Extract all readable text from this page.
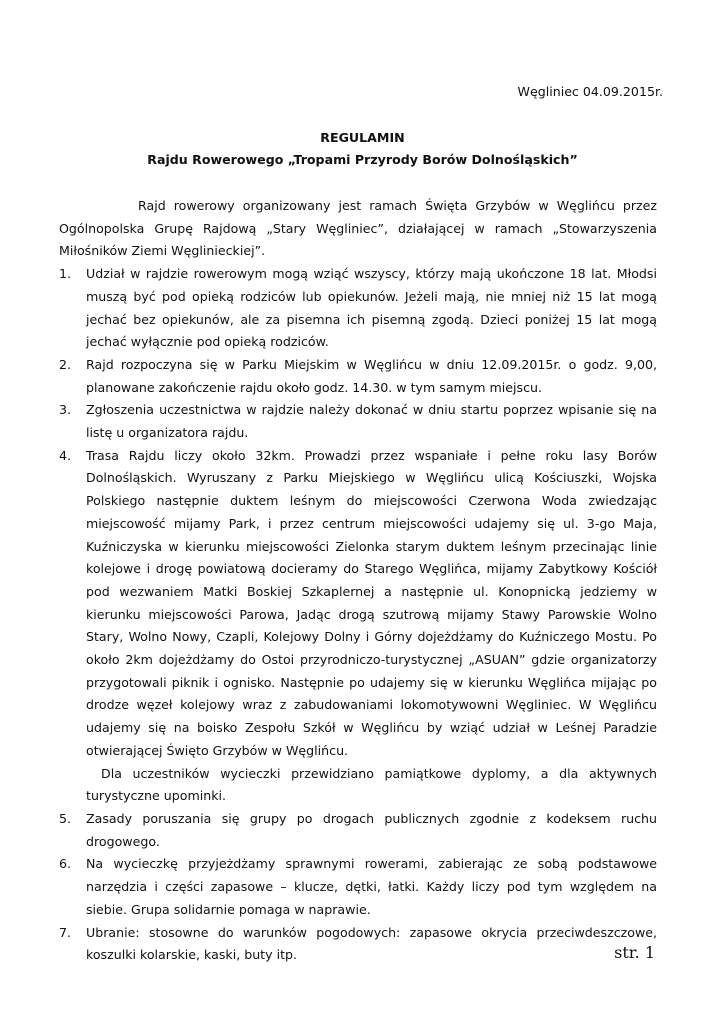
Węgliniec 04.09.2015r.
REGULAMIN
Rajdu Rowerowego „Tropami Przyrody Borów Dolnośląskich”

Rajd rowerowy organizowany jest ramach Święta Grzybów w Węglińcu przez Ogólnopolska Grupę Rajdową „Stary Węgliniec”, działającej w ramach „Stowarzyszenia Miłośników Ziemi Węglinieckiej”.

1. Udział w rajdzie rowerowym mogą wziąć wszyscy, którzy mają ukończone 18 lat. Młodsi muszą być pod opieką rodziców lub opiekunów. Jeżeli mają, nie mniej niż 15 lat mogą jechać bez opiekunów, ale za pisemna ich pisemną zgodą. Dzieci poniżej 15 lat mogą jechać wyłącznie pod opieką rodziców.
2. Rajd rozpoczyna się w Parku Miejskim w Węglińcu w dniu 12.09.2015r. o godz. 9,00, planowane zakończenie rajdu około godz. 14.30. w tym samym miejscu.
3. Zgłoszenia uczestnictwa w rajdzie należy dokonać w dniu startu poprzez wpisanie się na listę u organizatora rajdu.
4. Trasa Rajdu liczy około 32km. Prowadzi przez wspaniałe i pełne roku lasy Borów Dolnośląskich. Wyruszany z Parku Miejskiego w Węglińcu ulicą Kościuszki, Wojska Polskiego następnie duktem leśnym do miejscowości Czerwona Woda zwiedzając miejscowość mijamy Park, i przez centrum miejscowości udajemy się ul. 3-go Maja, Kuźniczyska w kierunku miejscowości Zielonka starym duktem leśnym przecinając linie kolejowe i drogę powiatową docieramy do Starego Węglińca, mijamy Zabytkowy Kościół pod wezwaniem Matki Boskiej Szkaplernej a następnie ul. Konopnicką jedziemy w kierunku miejscowości Parowa, Jadąc drogą szutrową mijamy Stawy Parowskie Wolno Stary, Wolno Nowy, Czapli, Kolejowy Dolny i Górny dojeżdżamy do Kuźniczego Mostu. Po około 2km dojeżdżamy do Ostoi przyrodniczo-turystycznej „ASUAN” gdzie organizatorzy przygotowali piknik i ognisko. Następnie po udajemy się w kierunku Węglińca mijając po drodze węzeł kolejowy wraz z zabudowaniami lokomotywowni Węgliniec. W Węglińcu udajemy się na boisko Zespołu Szkół w Węglińcu by wziąć udział w Leśnej Paradzie otwierającej Święto Grzybów w Węglińcu.
Dla uczestników wycieczki przewidziano pamiątkowe dyplomy, a dla aktywnych turystyczne upominki.
5. Zasady poruszania się grupy po drogach publicznych zgodnie z kodeksem ruchu drogowego.
6. Na wycieczkę przyjeżdżamy sprawnymi rowerami, zabierając ze sobą podstawowe narzędzia i części zapasowe – klucze, dętki, łatki. Każdy liczy pod tym względem na siebie. Grupa solidarnie pomaga w naprawie.
7. Ubranie: stosowne do warunków pogodowych: zapasowe okrycia przeciwdeszczowe, koszulki kolarskie, kaski, buty itp.	str. 1
